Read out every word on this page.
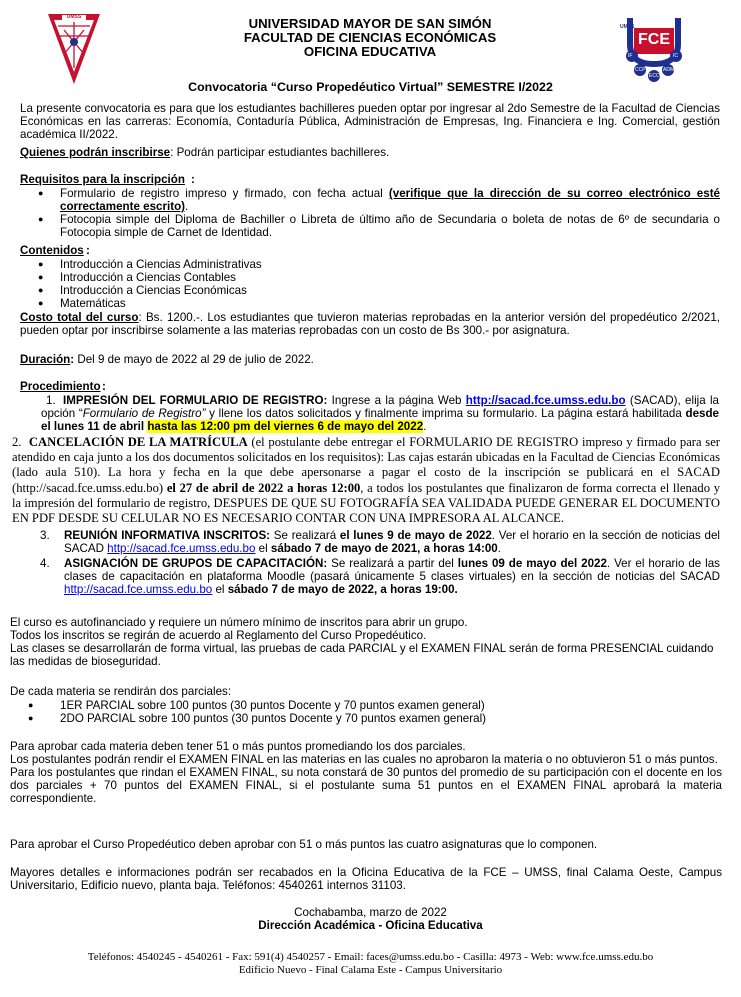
UMSS	UNIVERSIDAD MAYOR DE SAN SIMÓN
FACULTAD DE CIENCIAS ECONÓMICAS
OFICINA EDUCATIVA
FCE
UMSS
IF	IC
CCP	ADM
ECO
Convocatoria “Curso Propedéutico Virtual” SEMESTRE I/2022
La presente convocatoria es para que los estudiantes bachilleres pueden optar por ingresar al 2do Semestre de la Facultad de Ciencias Económicas en las carreras: Economía, Contaduría Pública, Administración de Empresas, Ing. Financiera e Ing. Comercial, gestión académica II/2022.
Quienes podrán inscribirse: Podrán participar estudiantes bachilleres.
Requisitos para la inscripción :
● Formulario de registro impreso y firmado, con fecha actual (verifique que la dirección de su correo electrónico esté correctamente escrito).
● Fotocopia simple del Diploma de Bachiller o Libreta de último año de Secundaria o boleta de notas de 6º de secundaria o Fotocopia simple de Carnet de Identidad.
Contenidos :
● Introducción a Ciencias Administrativas
● Introducción a Ciencias Contables
● Introducción a Ciencias Económicas
● Matemáticas
Costo total del curso: Bs. 1200.-. Los estudiantes que tuvieron materias reprobadas en la anterior versión del propedéutico 2/2021, pueden optar por inscribirse solamente a las materias reprobadas con un costo de Bs 300.- por asignatura.
Duración: Del 9 de mayo de 2022 al 29 de julio de 2022.
Procedimiento :
1. IMPRESIÓN DEL FORMULARIO DE REGISTRO: Ingrese a la página Web http://sacad.fce.umss.edu.bo (SACAD), elija la opción “Formulario de Registro” y llene los datos solicitados y finalmente imprima su formulario. La página estará habilitada desde el lunes 11 de abril hasta las 12:00 pm del viernes 6 de mayo del 2022.
2. CANCELACIÓN DE LA MATRÍCULA (el postulante debe entregar el FORMULARIO DE REGISTRO impreso y firmado para ser atendido en caja junto a los dos documentos solicitados en los requisitos): Las cajas estarán ubicadas en la Facultad de Ciencias Económicas (lado aula 510). La hora y fecha en la que debe apersonarse a pagar el costo de la inscripción se publicará en el SACAD (http://sacad.fce.umss.edu.bo) el 27 de abril de 2022 a horas 12:00, a todos los postulantes que finalizaron de forma correcta el llenado y la impresión del formulario de registro, DESPUES DE QUE SU FOTOGRAFÍA SEA VALIDADA PUEDE GENERAR EL DOCUMENTO EN PDF DESDE SU CELULAR NO ES NECESARIO CONTAR CON UNA IMPRESORA AL ALCANCE.
3. REUNIÓN INFORMATIVA INSCRITOS: Se realizará el lunes 9 de mayo de 2022. Ver el horario en la sección de noticias del SACAD http://sacad.fce.umss.edu.bo el sábado 7 de mayo de 2021, a horas 14:00.
4. ASIGNACIÓN DE GRUPOS DE CAPACITACIÓN: Se realizará a partir del lunes 09 de mayo del 2022. Ver el horario de las clases de capacitación en plataforma Moodle (pasará únicamente 5 clases virtuales) en la sección de noticias del SACAD http://sacad.fce.umss.edu.bo el sábado 7 de mayo de 2022, a horas 19:00.
El curso es autofinanciado y requiere un número mínimo de inscritos para abrir un grupo.
Todos los inscritos se regirán de acuerdo al Reglamento del Curso Propedéutico.
Las clases se desarrollarán de forma virtual, las pruebas de cada PARCIAL y el EXAMEN FINAL serán de forma PRESENCIAL cuidando las medidas de bioseguridad.
De cada materia se rendirán dos parciales:
● 1ER PARCIAL sobre 100 puntos (30 puntos Docente y 70 puntos examen general)
● 2DO PARCIAL sobre 100 puntos (30 puntos Docente y 70 puntos examen general)
Para aprobar cada materia deben tener 51 o más puntos promediando los dos parciales.
Los postulantes podrán rendir el EXAMEN FINAL en las materias en las cuales no aprobaron la materia o no obtuvieron 51 o más puntos.
Para los postulantes que rindan el EXAMEN FINAL, su nota constará de 30 puntos del promedio de su participación con el docente en los dos parciales + 70 puntos del EXAMEN FINAL, si el postulante suma 51 puntos en el EXAMEN FINAL aprobará la materia correspondiente.
Para aprobar el Curso Propedéutico deben aprobar con 51 o más puntos las cuatro asignaturas que lo componen.
Mayores detalles e informaciones podrán ser recabados en la Oficina Educativa de la FCE – UMSS, final Calama Oeste, Campus Universitario, Edificio nuevo, planta baja. Teléfonos: 4540261 internos 31103.
Cochabamba, marzo de 2022
Dirección Académica - Oficina Educativa
Teléfonos: 4540245 - 4540261 - Fax: 591(4) 4540257 - Email: faces@umss.edu.bo - Casilla: 4973 - Web: www.fce.umss.edu.bo
Edificio Nuevo - Final Calama Este - Campus Universitario
